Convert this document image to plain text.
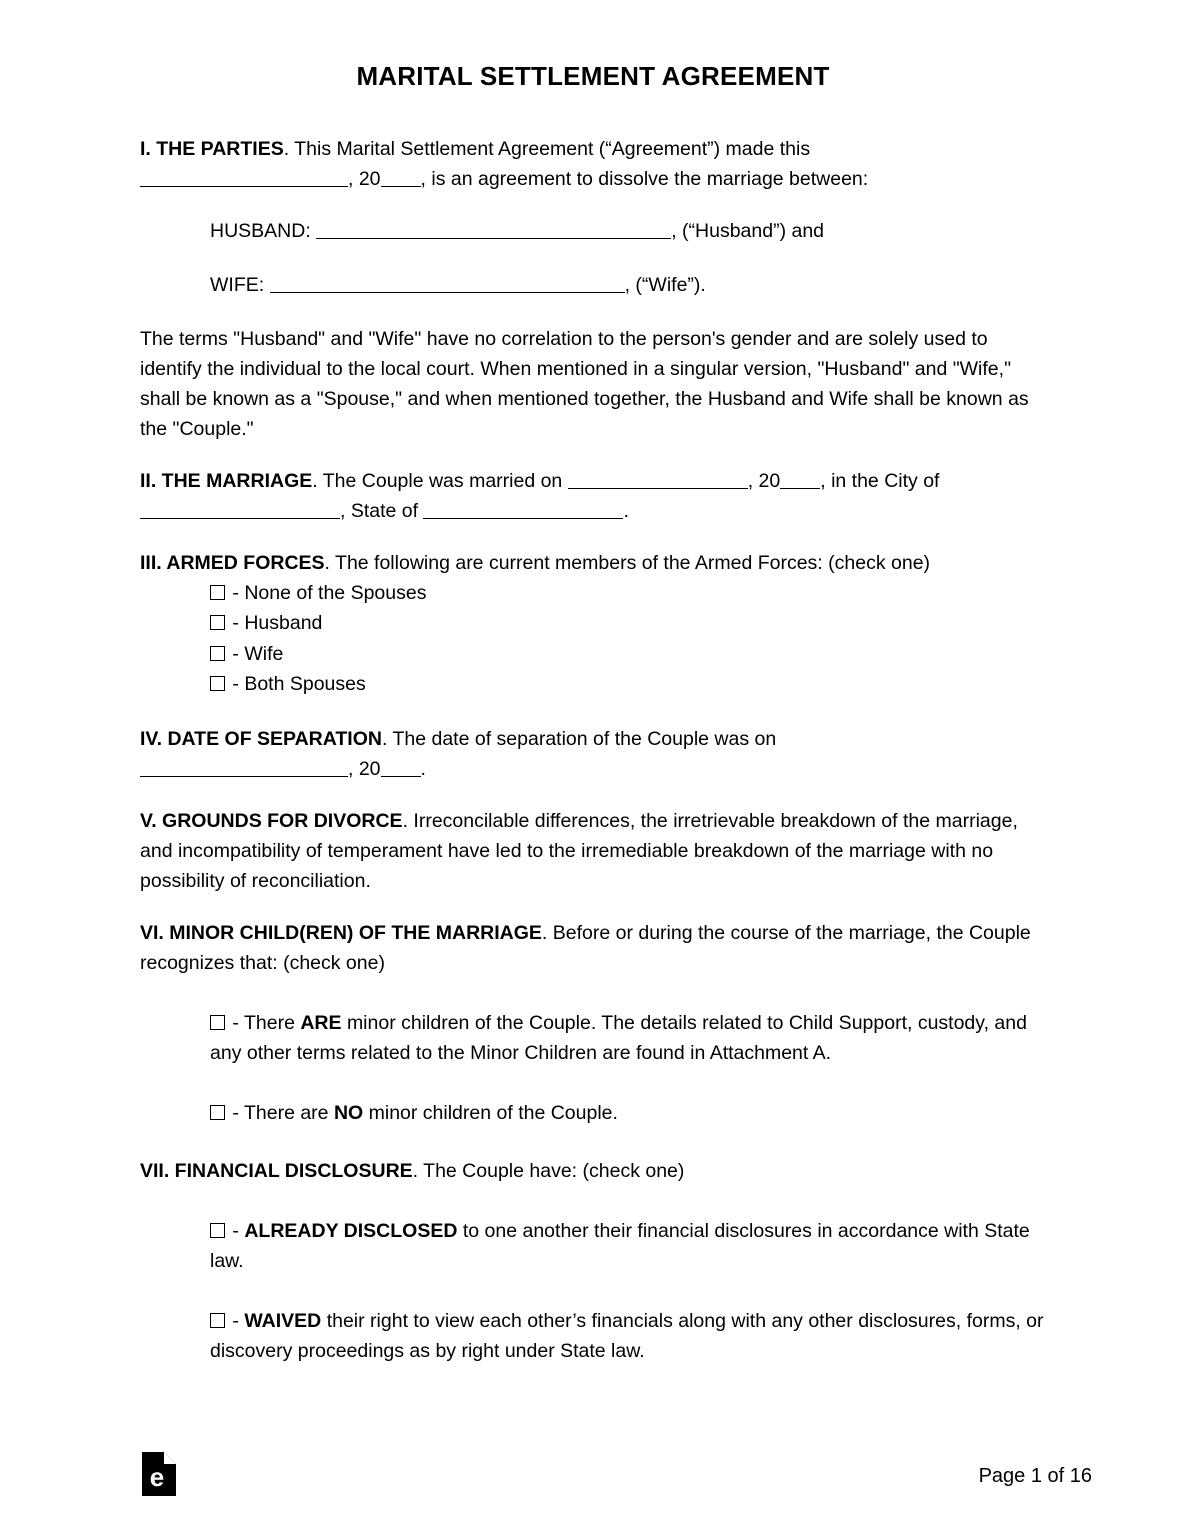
MARITAL SETTLEMENT AGREEMENT

I. THE PARTIES. This Marital Settlement Agreement (“Agreement”) made this
, 20 , is an agreement to dissolve the marriage between:

HUSBAND:	, (“Husband”) and

WIFE:	, (“Wife”).

The terms "Husband" and "Wife" have no correlation to the person's gender and are solely used to identify the individual to the local court. When mentioned in a singular version, "Husband" and "Wife," shall be known as a "Spouse," and when mentioned together, the Husband and Wife shall be known as the "Couple."

II. THE MARRIAGE. The Couple was married on	, 20 , in the City of , State of	.

III. ARMED FORCES. The following are current members of the Armed Forces: (check one)

- None of the Spouses

- Husband

- Wife

- Both Spouses

IV. DATE OF SEPARATION. The date of separation of the Couple was on
, 20 .

V. GROUNDS FOR DIVORCE. Irreconcilable differences, the irretrievable breakdown of the marriage, and incompatibility of temperament have led to the irremediable breakdown of the marriage with no possibility of reconciliation.

VI. MINOR CHILD(REN) OF THE MARRIAGE. Before or during the course of the marriage, the Couple recognizes that: (check one)

- There ARE minor children of the Couple. The details related to Child Support, custody, and any other terms related to the Minor Children are found in Attachment A.

- There are NO minor children of the Couple.

VII. FINANCIAL DISCLOSURE. The Couple have: (check one)

- ALREADY DISCLOSED to one another their financial disclosures in accordance with State law.

- WAIVED their right to view each other’s financials along with any other disclosures, forms, or discovery proceedings as by right under State law.

e	Page 1 of 16
